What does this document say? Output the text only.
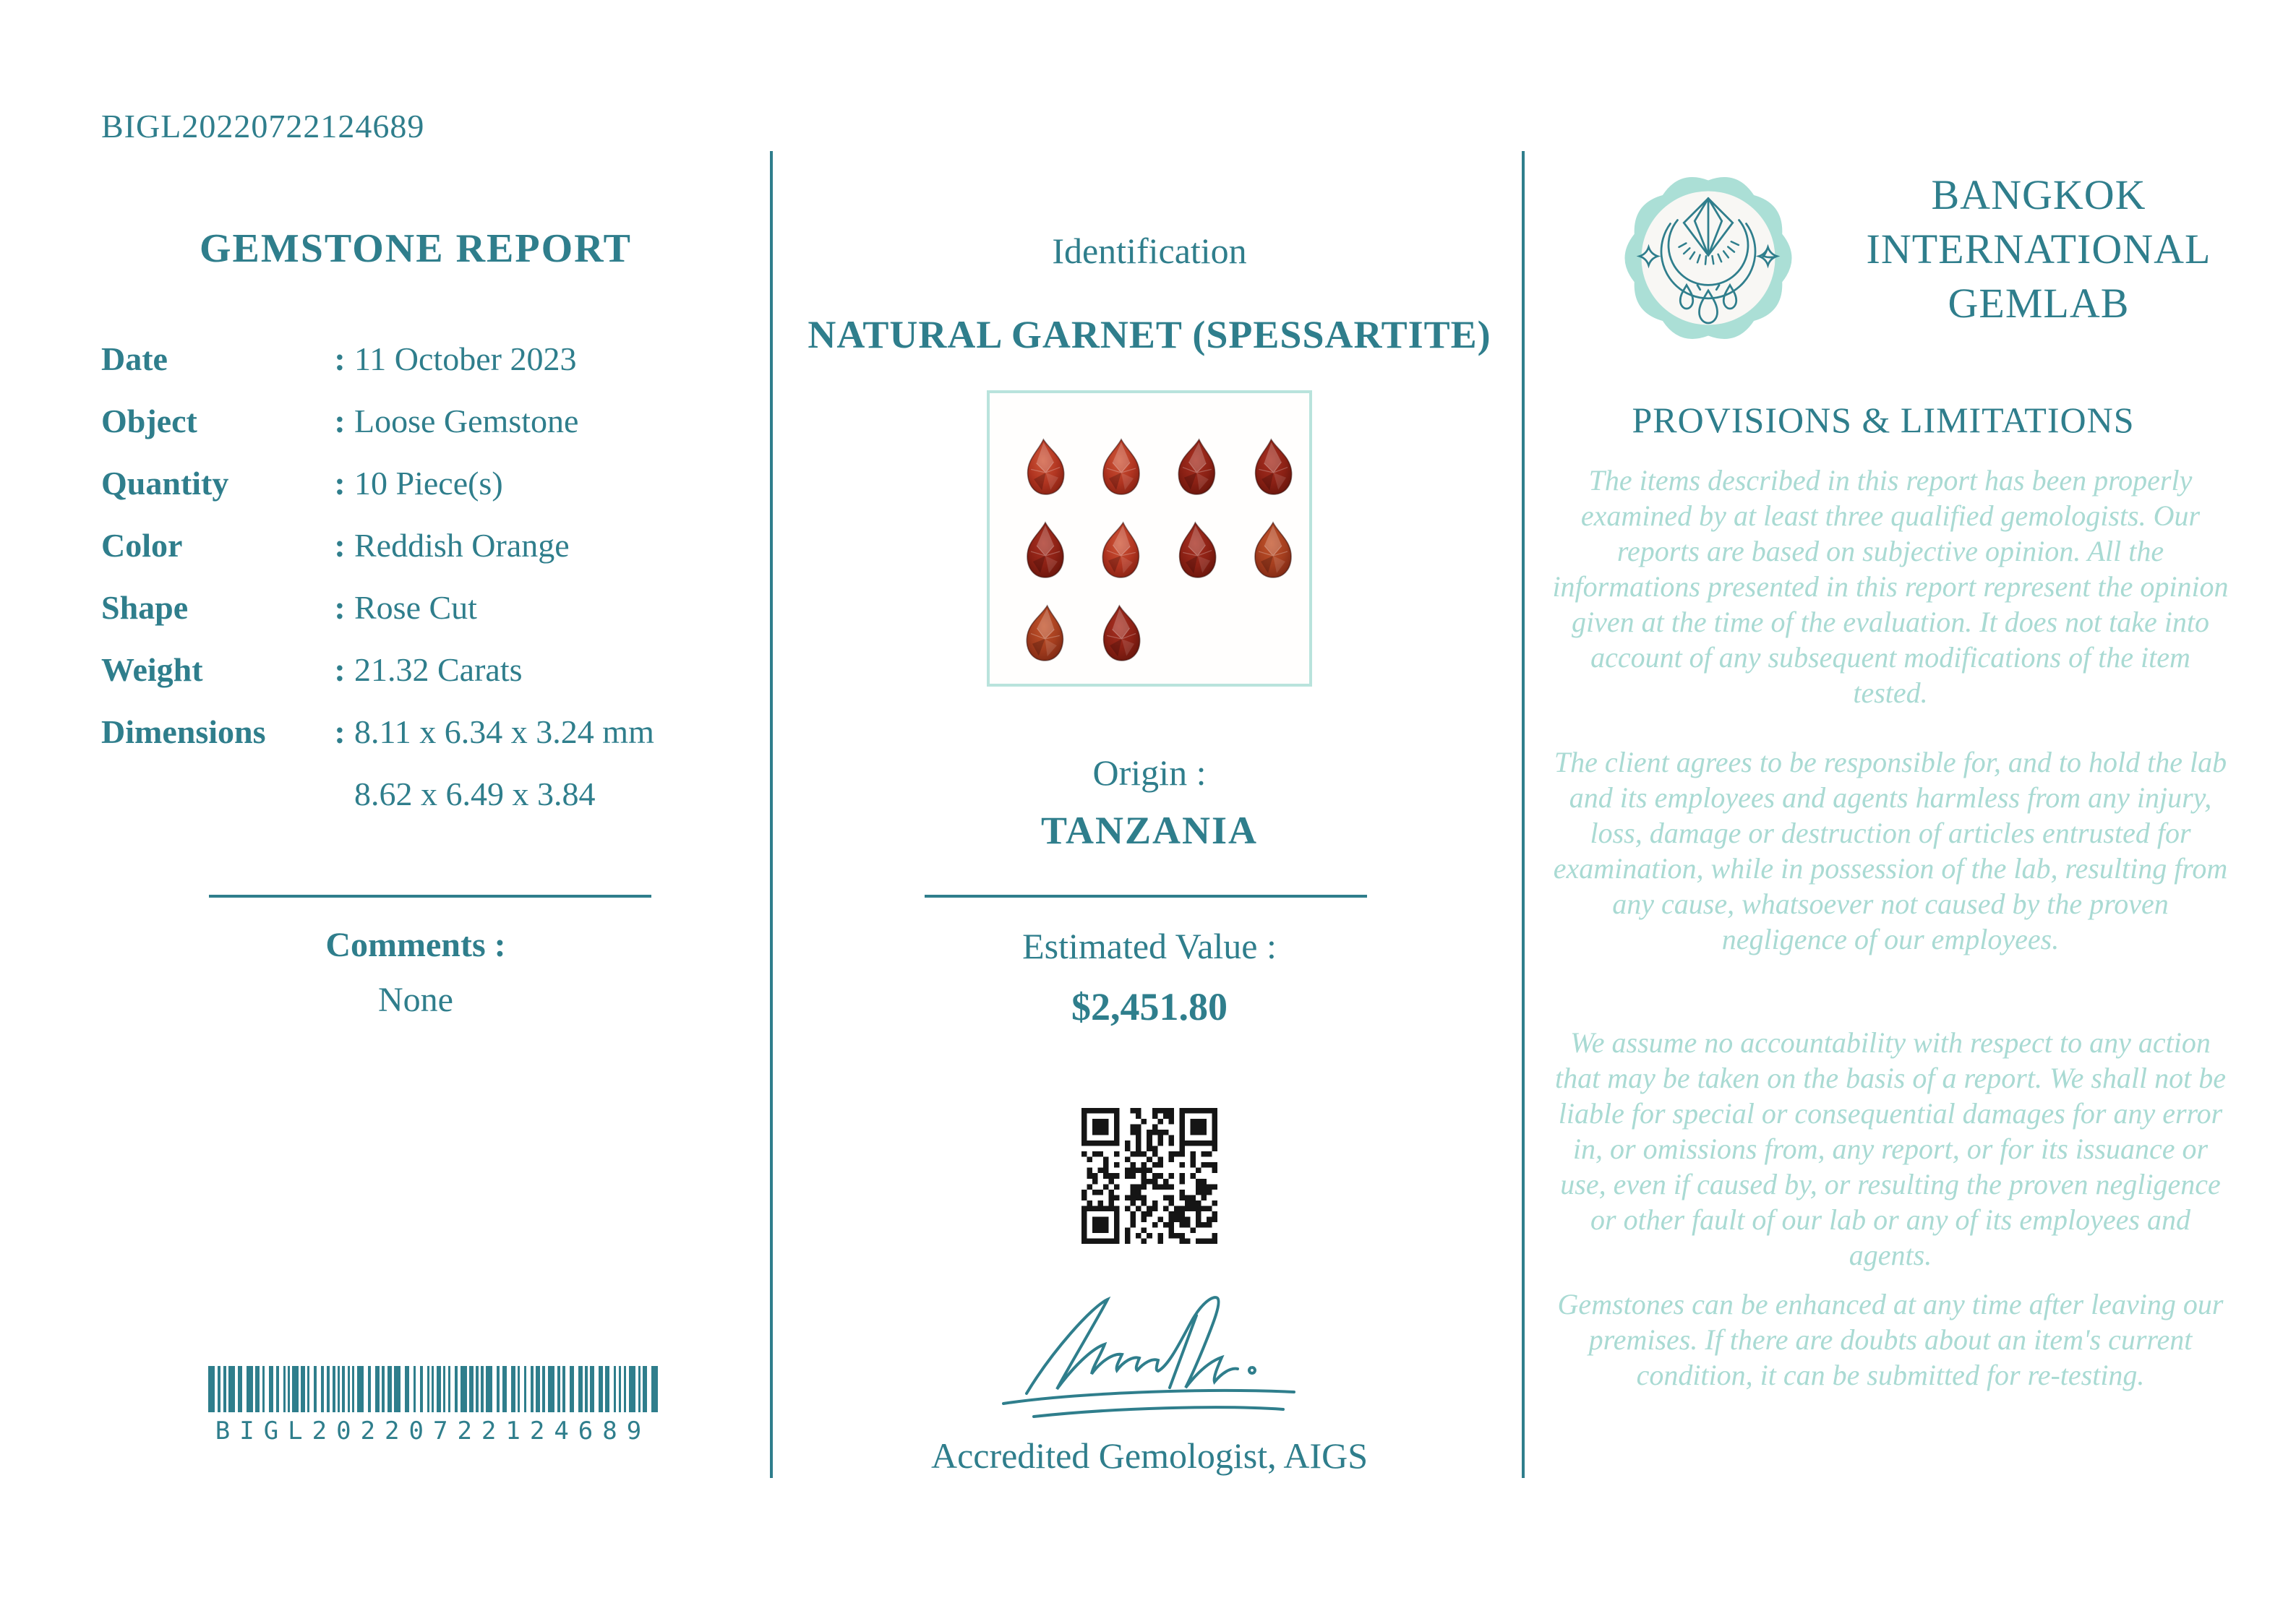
BIGL20220722124689
GEMSTONE REPORT
Date	: 11 October 2023
Object	: Loose Gemstone
Quantity	: 10 Piece(s)
Color	: Reddish Orange
Shape	: Rose Cut
Weight	: 21.32 Carats
Dimensions	: 8.11 x 6.34 x 3.24 mm
8.62 x 6.49 x 3.84
Comments :
None
BIGL20220722124689
Identification
NATURAL GARNET (SPESSARTITE)
Origin :
TANZANIA
Estimated Value :
$2,451.80
Accredited Gemologist, AIGS
BANGKOK
INTERNATIONAL
GEMLAB
PROVISIONS & LIMITATIONS

The items described in this report has been properly examined by at least three qualified gemologists. Our reports are based on subjective opinion. All the informations presented in this report represent the opinion given at the time of the evaluation. It does not take into account of any subsequent modifications of the item tested.

The client agrees to be responsible for, and to hold the lab and its employees and agents harmless from any injury, loss, damage or destruction of articles entrusted for examination, while in possession of the lab, resulting from any cause, whatsoever not caused by the proven negligence of our employees.

We assume no accountability with respect to any action that may be taken on the basis of a report. We shall not be liable for special or consequential damages for any error in, or omissions from, any report, or for its issuance or use, even if caused by, or resulting the proven negligence or other fault of our lab or any of its employees and agents.

Gemstones can be enhanced at any time after leaving our premises. If there are doubts about an item's current condition, it can be submitted for re-testing.
